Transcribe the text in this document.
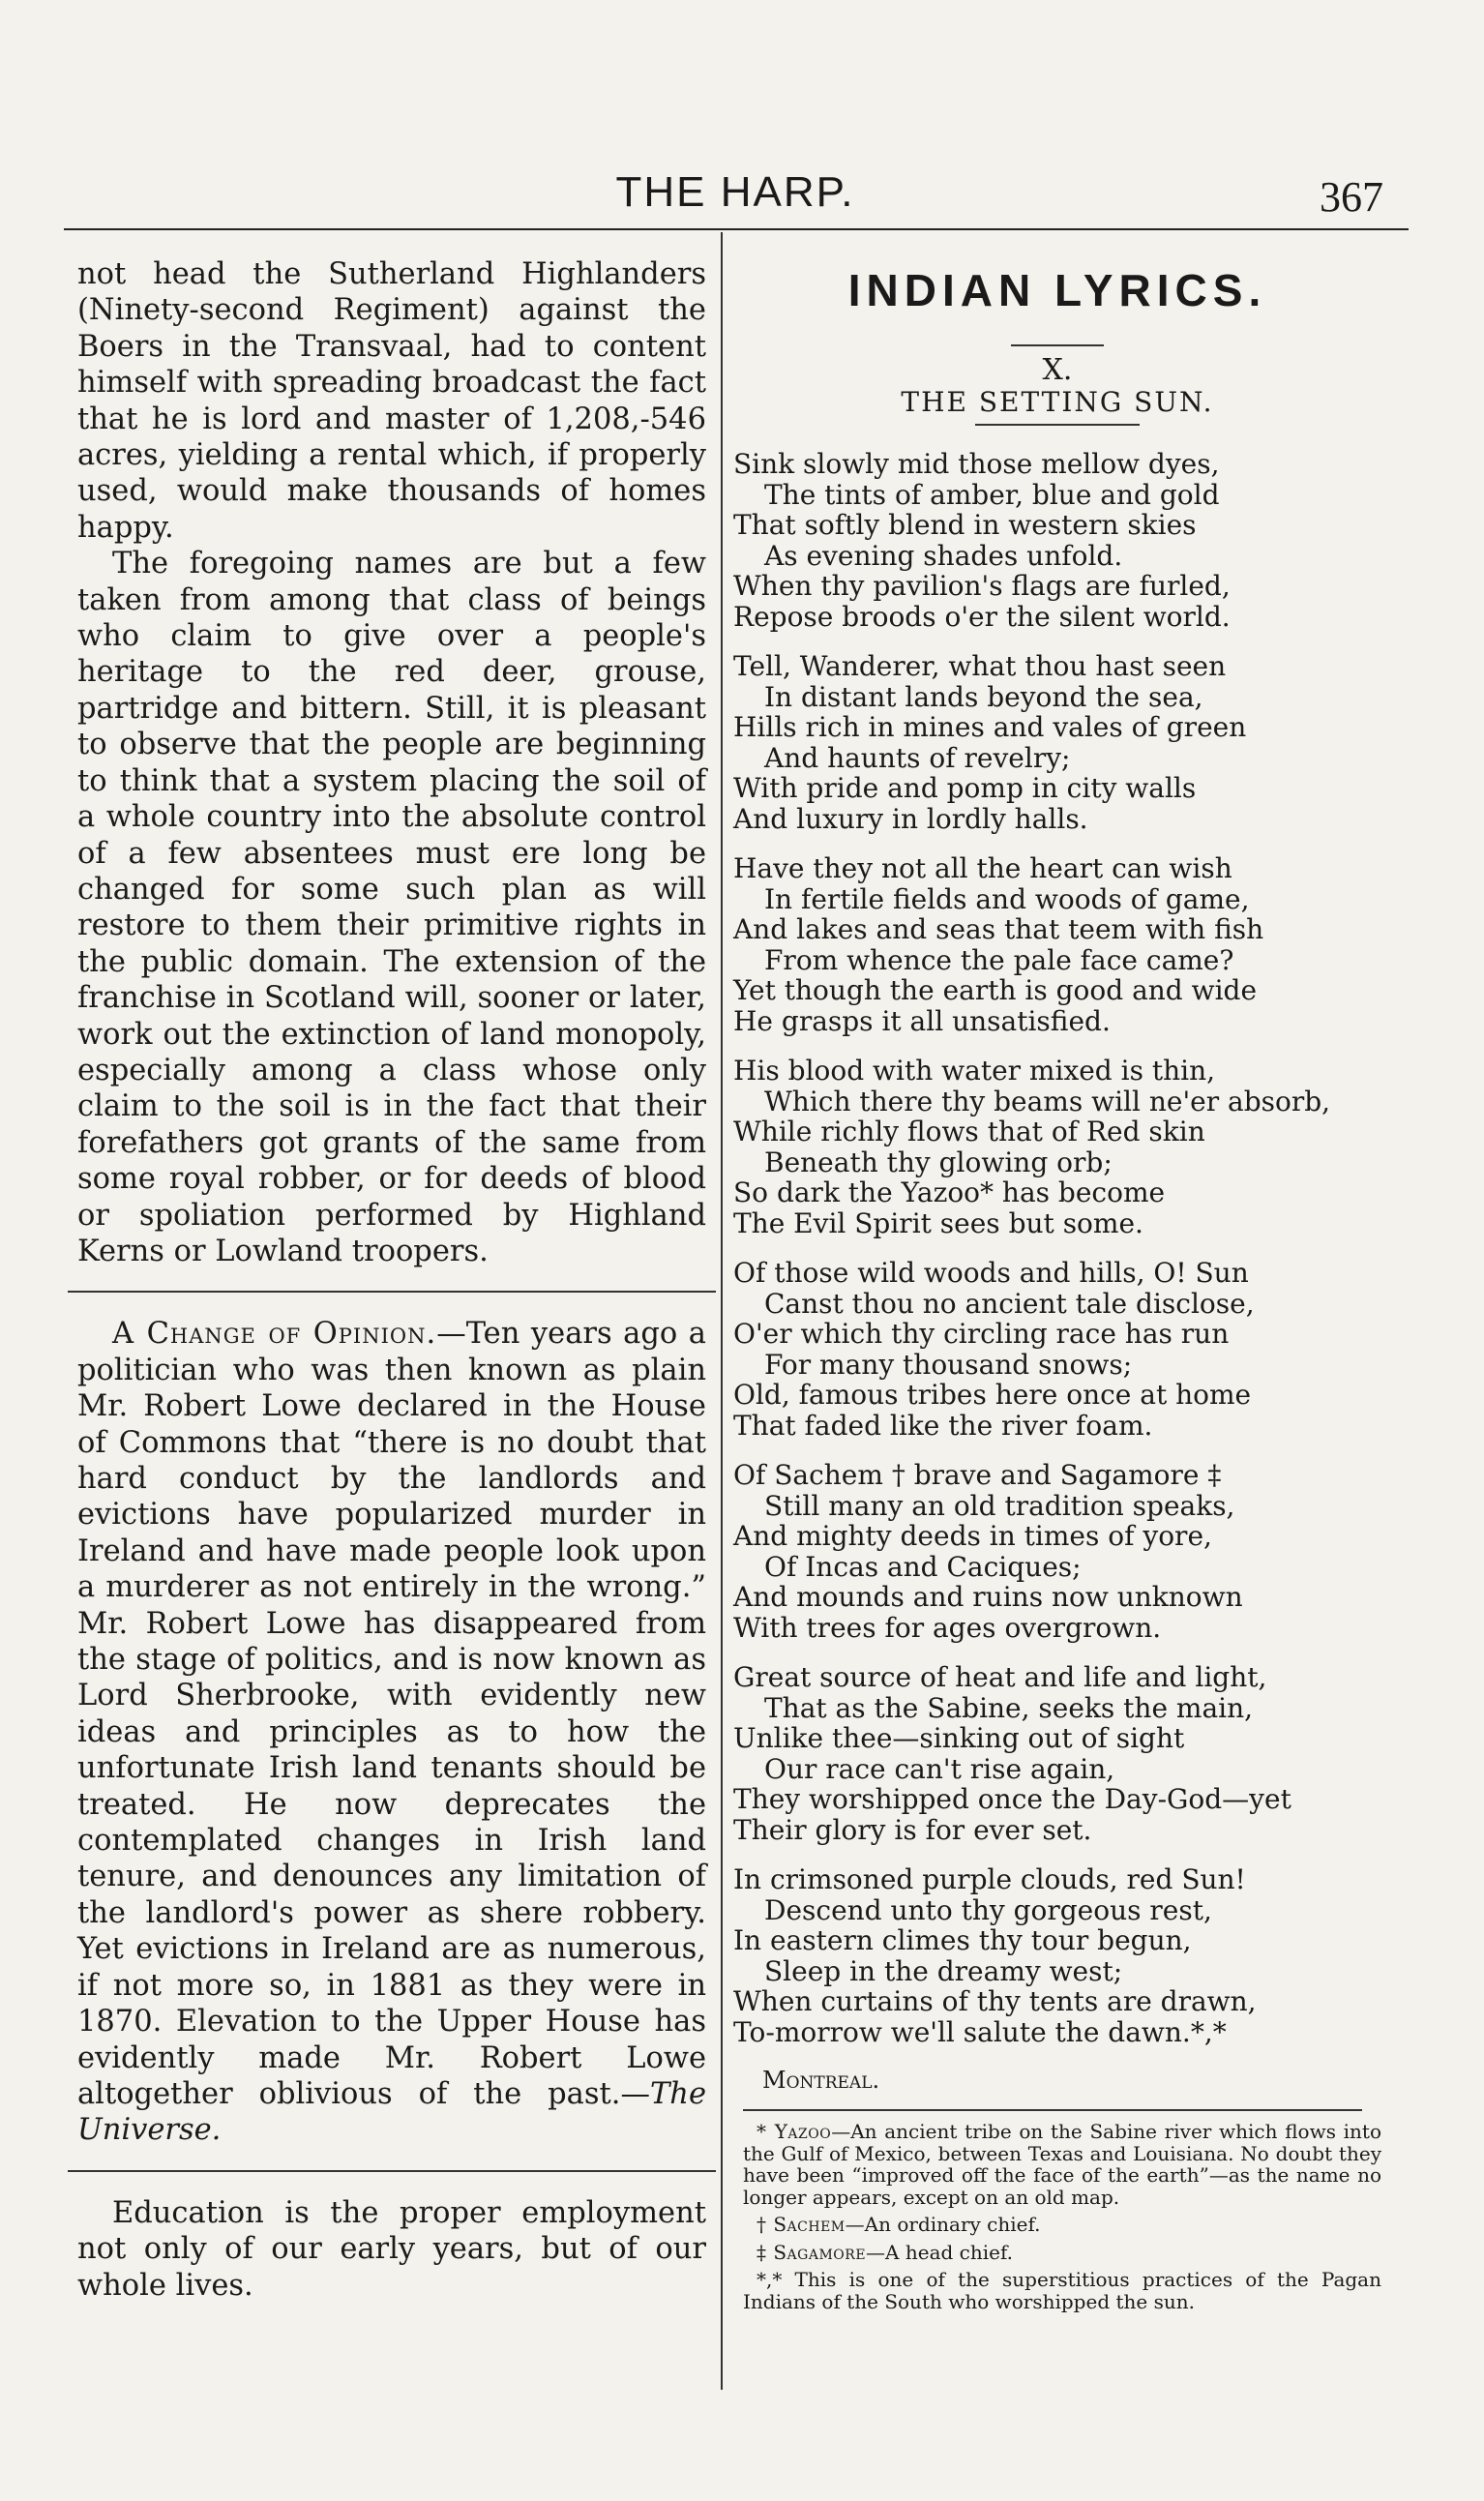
THE HARP.	367

not head the Sutherland Highlanders (Ninety-second Regiment) against the Boers in the Transvaal, had to content himself with spreading broadcast the fact that he is lord and master of 1,208,-546 acres, yielding a rental which, if properly used, would make thousands of homes happy.

The foregoing names are but a few taken from among that class of beings who claim to give over a people's heritage to the red deer, grouse, partridge and bittern. Still, it is pleasant to observe that the people are beginning to think that a system placing the soil of a whole country into the absolute control of a few absentees must ere long be changed for some such plan as will restore to them their primitive rights in the public domain. The extension of the franchise in Scotland will, sooner or later, work out the extinction of land monopoly, especially among a class whose only claim to the soil is in the fact that their forefathers got grants of the same from some royal robber, or for deeds of blood or spoliation performed by Highland Kerns or Lowland troopers.

A Change of Opinion.—Ten years ago a politician who was then known as plain Mr. Robert Lowe declared in the House of Commons that “there is no doubt that hard conduct by the landlords and evictions have popularized murder in Ireland and have made people look upon a murderer as not entirely in the wrong.” Mr. Robert Lowe has disappeared from the stage of politics, and is now known as Lord Sherbrooke, with evidently new ideas and principles as to how the unfortunate Irish land tenants should be treated. He now deprecates the contemplated changes in Irish land tenure, and denounces any limitation of the landlord's power as shere robbery. Yet evictions in Ireland are as numerous, if not more so, in 1881 as they were in 1870. Elevation to the Upper House has evidently made Mr. Robert Lowe altogether oblivious of the past.—The Universe.

Education is the proper employment not only of our early years, but of our whole lives.

INDIAN LYRICS.
X.
THE SETTING SUN.
Sink slowly mid those mellow dyes,
The tints of amber, blue and gold
That softly blend in western skies
As evening shades unfold.
When thy pavilion's flags are furled,
Repose broods o'er the silent world.
Tell, Wanderer, what thou hast seen
In distant lands beyond the sea,
Hills rich in mines and vales of green
And haunts of revelry;
With pride and pomp in city walls
And luxury in lordly halls.
Have they not all the heart can wish
In fertile fields and woods of game,
And lakes and seas that teem with fish
From whence the pale face came?
Yet though the earth is good and wide
He grasps it all unsatisfied.
His blood with water mixed is thin,
Which there thy beams will ne'er absorb,
While richly flows that of Red skin
Beneath thy glowing orb;
So dark the Yazoo* has become
The Evil Spirit sees but some.
Of those wild woods and hills, O! Sun
Canst thou no ancient tale disclose,
O'er which thy circling race has run
For many thousand snows;
Old, famous tribes here once at home
That faded like the river foam.
Of Sachem † brave and Sagamore ‡
Still many an old tradition speaks,
And mighty deeds in times of yore,
Of Incas and Caciques;
And mounds and ruins now unknown
With trees for ages overgrown.
Great source of heat and life and light,
That as the Sabine, seeks the main,
Unlike thee—sinking out of sight
Our race can't rise again,
They worshipped once the Day-God—yet
Their glory is for ever set.
In crimsoned purple clouds, red Sun!
Descend unto thy gorgeous rest,
In eastern climes thy tour begun,
Sleep in the dreamy west;
When curtains of thy tents are drawn,
To-morrow we'll salute the dawn.*,*
Montreal.

* Yazoo—An ancient tribe on the Sabine river which flows into the Gulf of Mexico, between Texas and Louisiana. No doubt they have been “improved off the face of the earth”—as the name no longer appears, except on an old map.

† Sachem—An ordinary chief.

‡ Sagamore—A head chief.

*,* This is one of the superstitious practices of the Pagan Indians of the South who worshipped the sun.
